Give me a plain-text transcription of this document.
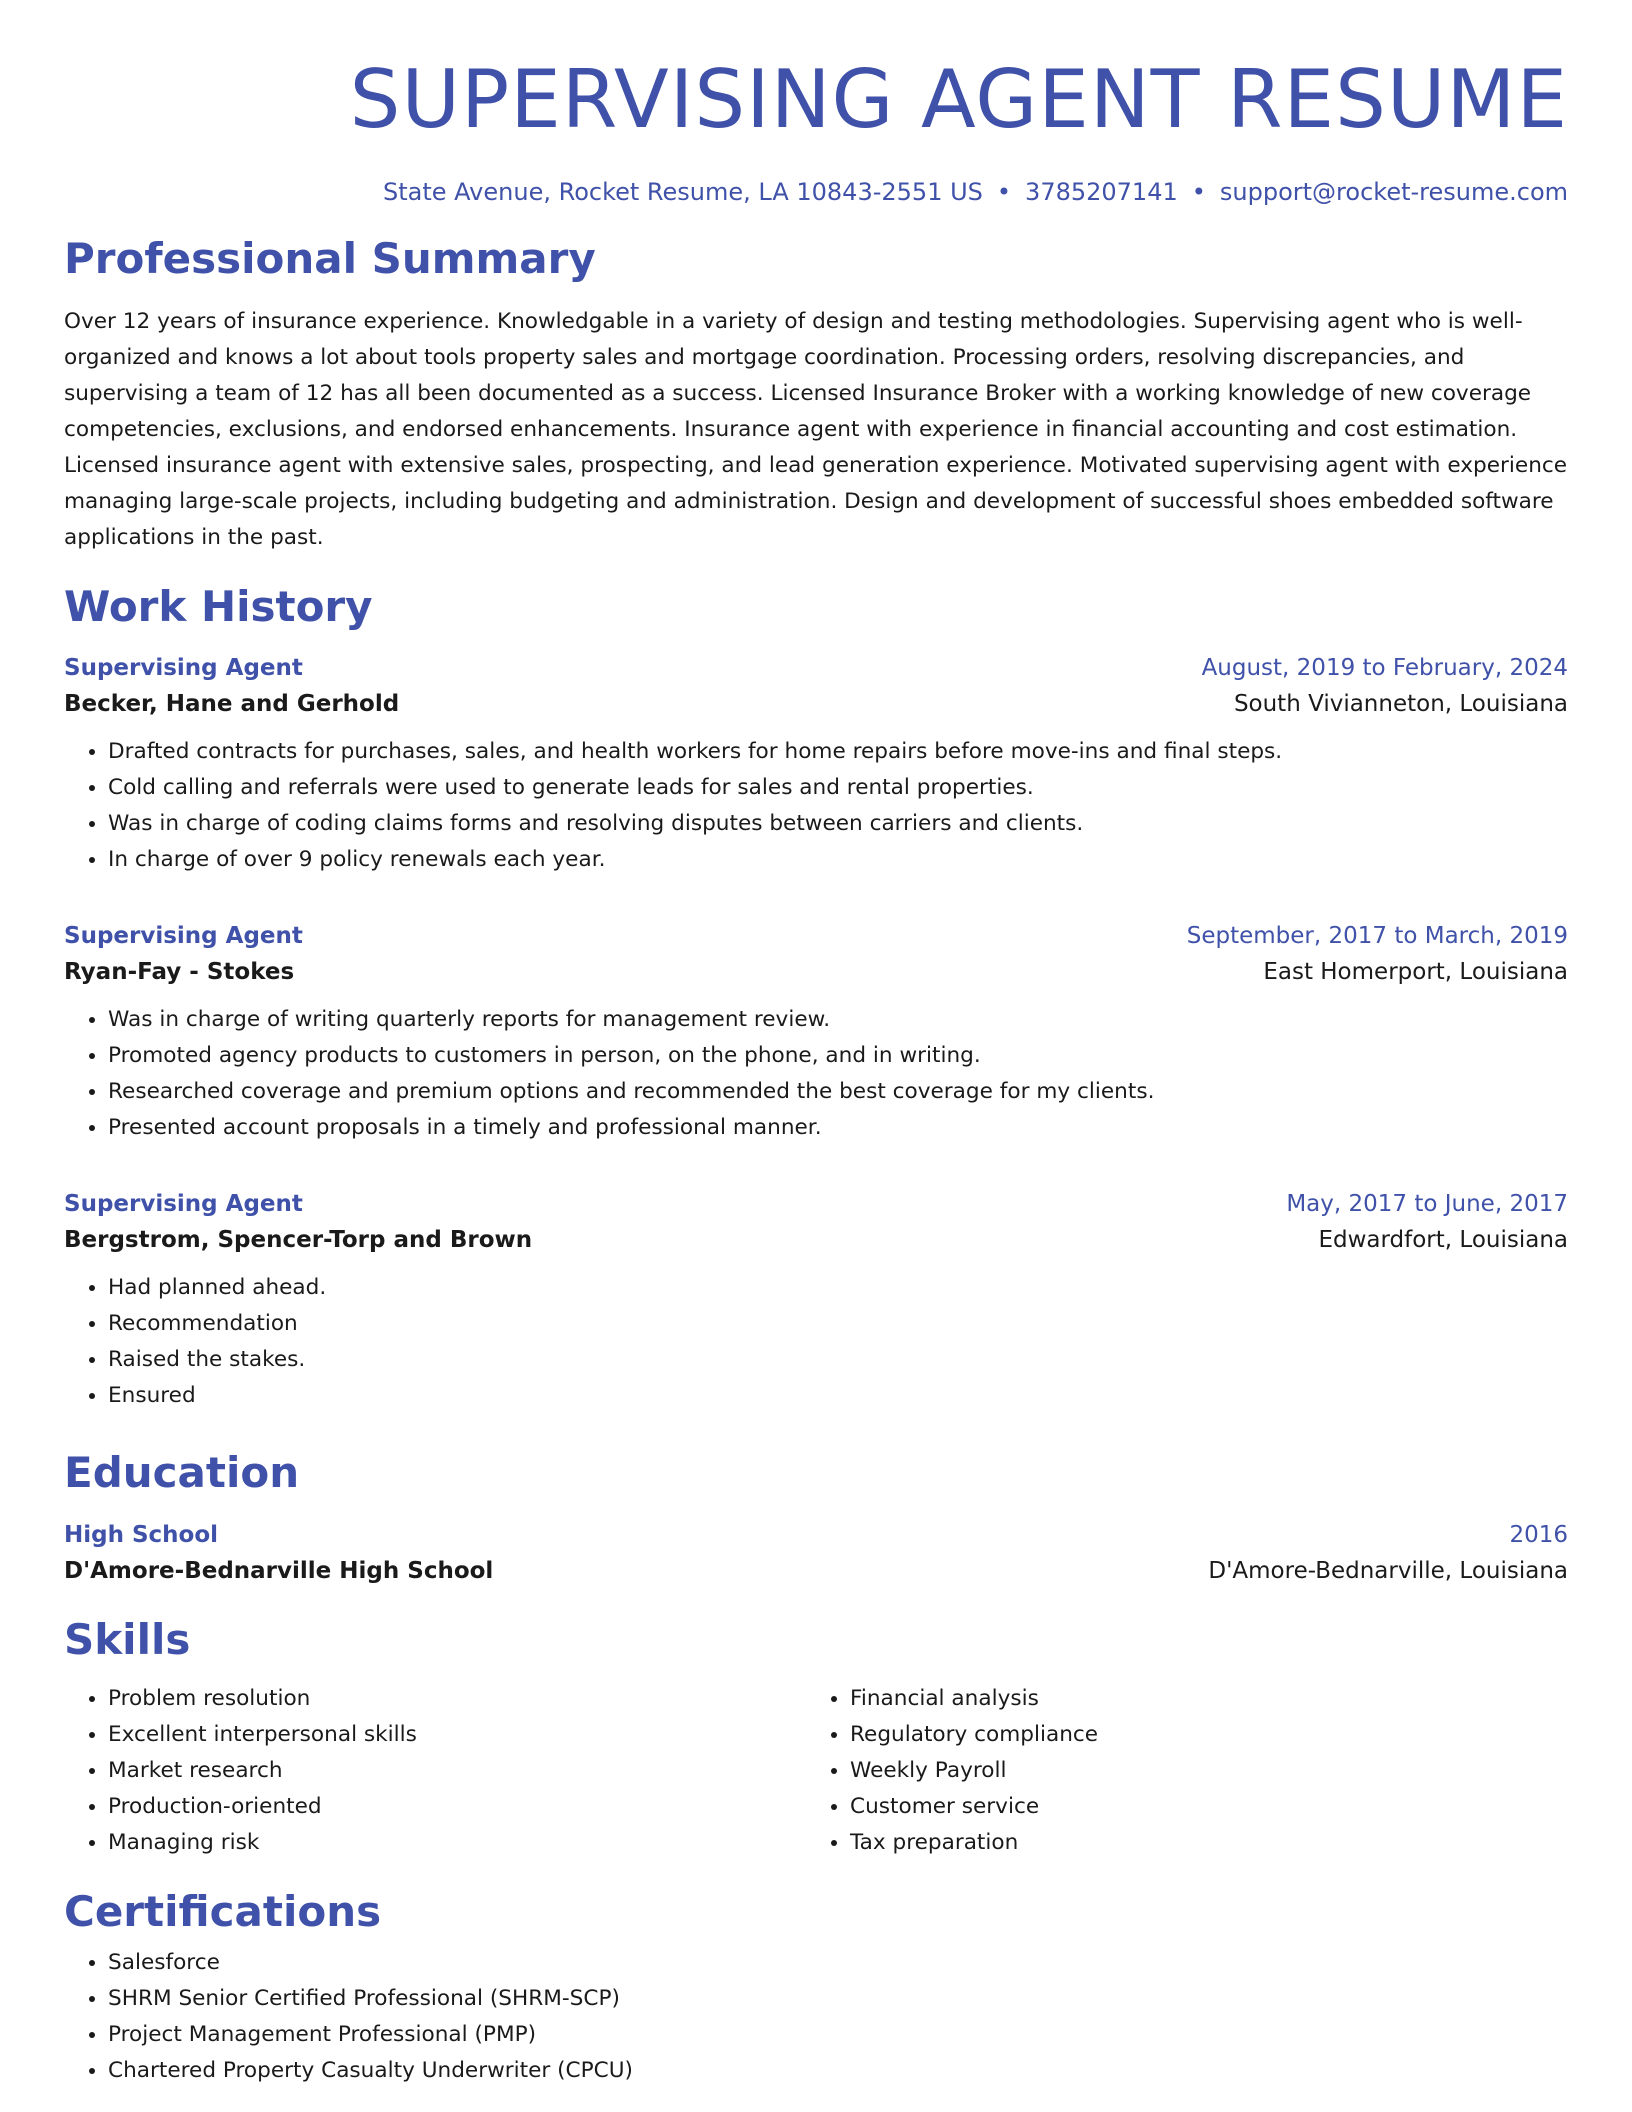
SUPERVISING AGENT RESUME
State Avenue, Rocket Resume, LA 10843-2551 US • 3785207141 • support@rocket-resume.com
Professional Summary
Over 12 years of insurance experience. Knowledgable in a variety of design and testing methodologies. Supervising agent who is well-organized and knows a lot about tools property sales and mortgage coordination. Processing orders, resolving discrepancies, and supervising a team of 12 has all been documented as a success. Licensed Insurance Broker with a working knowledge of new coverage competencies, exclusions, and endorsed enhancements. Insurance agent with experience in financial accounting and cost estimation. Licensed insurance agent with extensive sales, prospecting, and lead generation experience. Motivated supervising agent with experience managing large-scale projects, including budgeting and administration. Design and development of successful shoes embedded software applications in the past.
Work History
Supervising Agent	August, 2019 to February, 2024
Becker, Hane and Gerhold	South Vivianneton, Louisiana
• Drafted contracts for purchases, sales, and health workers for home repairs before move-ins and final steps.
• Cold calling and referrals were used to generate leads for sales and rental properties.
• Was in charge of coding claims forms and resolving disputes between carriers and clients.
• In charge of over 9 policy renewals each year.
Supervising Agent	September, 2017 to March, 2019
Ryan-Fay - Stokes	East Homerport, Louisiana
• Was in charge of writing quarterly reports for management review.
• Promoted agency products to customers in person, on the phone, and in writing.
• Researched coverage and premium options and recommended the best coverage for my clients.
• Presented account proposals in a timely and professional manner.
Supervising Agent	May, 2017 to June, 2017
Bergstrom, Spencer-Torp and Brown	Edwardfort, Louisiana
• Had planned ahead.
• Recommendation
• Raised the stakes.
• Ensured
Education
High School	2016
D'Amore-Bednarville High School	D'Amore-Bednarville, Louisiana
Skills
• Problem resolution
• Excellent interpersonal skills
• Market research
• Production-oriented
• Managing risk
• Financial analysis
• Regulatory compliance
• Weekly Payroll
• Customer service
• Tax preparation
Certifications
• Salesforce
• SHRM Senior Certified Professional (SHRM-SCP)
• Project Management Professional (PMP)
• Chartered Property Casualty Underwriter (CPCU)
